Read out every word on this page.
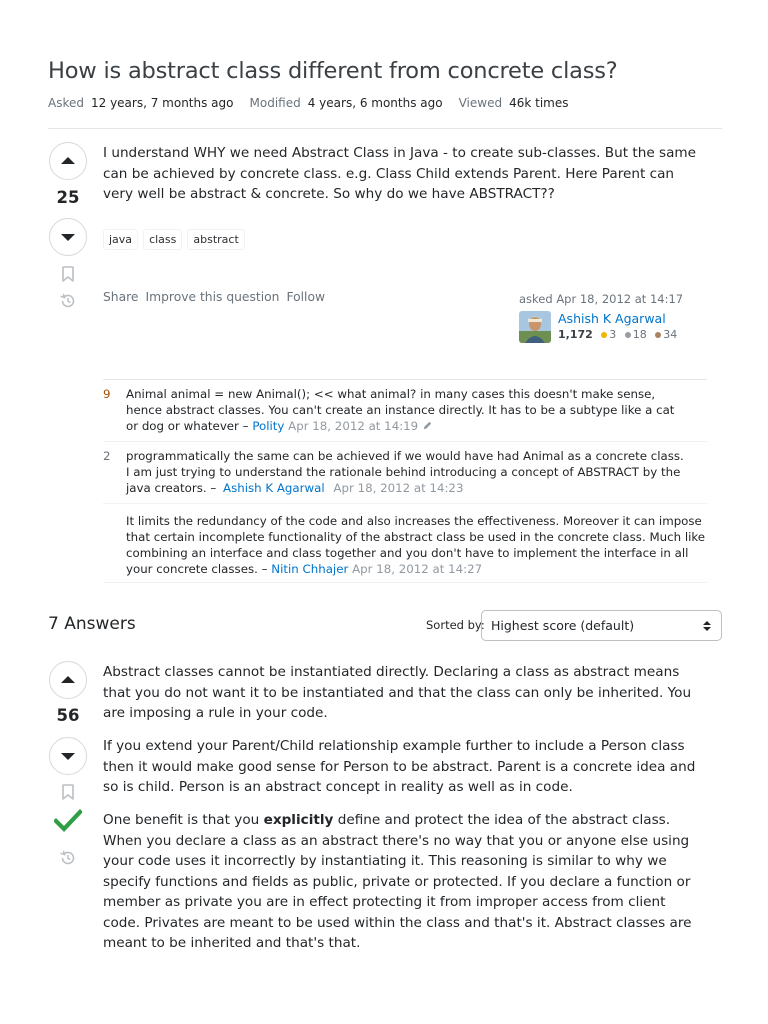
How is abstract class different from concrete class?
Asked 12 years, 7 months ago Modified 4 years, 6 months ago Viewed 46k times
25
I understand WHY we need Abstract Class in Java - to create sub-classes. But the same can be achieved by concrete class. e.g. Class Child extends Parent. Here Parent can very well be abstract & concrete. So why do we have ABSTRACT??
java	class	abstract
Share Improve this question Follow	asked Apr 18, 2012 at 14:17
Ashish K Agarwal
1,172 3 18 34
9	Animal animal = new Animal(); << what animal? in many cases this doesn't make sense, hence abstract classes. You can't create an instance directly. It has to be a subtype like a cat or dog or whatever – Polity Apr 18, 2012 at 14:19
2	programmatically the same can be achieved if we would have had Animal as a concrete class. I am just trying to understand the rationale behind introducing a concept of ABSTRACT by the java creators. – Ashish K Agarwal Apr 18, 2012 at 14:23
It limits the redundancy of the code and also increases the effectiveness. Moreover it can impose that certain incomplete functionality of the abstract class be used in the concrete class. Much like combining an interface and class together and you don't have to implement the interface in all your concrete classes. – Nitin Chhajer Apr 18, 2012 at 14:27
7 Answers	Sorted by: Highest score (default)
56

Abstract classes cannot be instantiated directly. Declaring a class as abstract means that you do not want it to be instantiated and that the class can only be inherited. You are imposing a rule in your code.

If you extend your Parent/Child relationship example further to include a Person class then it would make good sense for Person to be abstract. Parent is a concrete idea and so is child. Person is an abstract concept in reality as well as in code.

One benefit is that you explicitly define and protect the idea of the abstract class. When you declare a class as an abstract there's no way that you or anyone else using your code uses it incorrectly by instantiating it. This reasoning is similar to why we specify functions and fields as public, private or protected. If you declare a function or member as private you are in effect protecting it from improper access from client code. Privates are meant to be used within the class and that's it. Abstract classes are meant to be inherited and that's that.
